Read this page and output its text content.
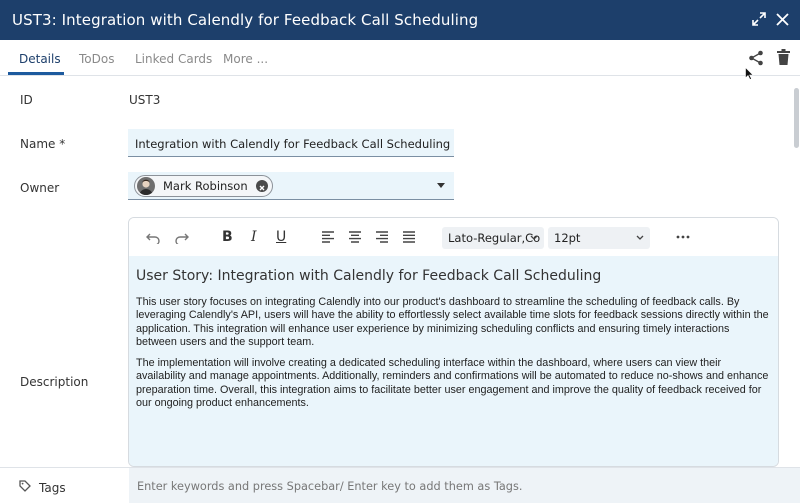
UST3: Integration with Calendly for Feedback Call Scheduling
Details ToDos Linked Cards More ...
ID	UST3
Name *	Integration with Calendly for Feedback Call Scheduling
Owner	Mark Robinson
Description
B I U	Lato-Regular,Co	12pt
User Story: Integration with Calendly for Feedback Call Scheduling

This user story focuses on integrating Calendly into our product's dashboard to streamline the scheduling of feedback calls. By leveraging Calendly's API, users will have the ability to effortlessly select available time slots for feedback sessions directly within the application. This integration will enhance user experience by minimizing scheduling conflicts and ensuring timely interactions between users and the support team.

The implementation will involve creating a dedicated scheduling interface within the dashboard, where users can view their availability and manage appointments. Additionally, reminders and confirmations will be automated to reduce no-shows and enhance preparation time. Overall, this integration aims to facilitate better user engagement and improve the quality of feedback received for our ongoing product enhancements.

Tags	Enter keywords and press Spacebar/ Enter key to add them as Tags.
